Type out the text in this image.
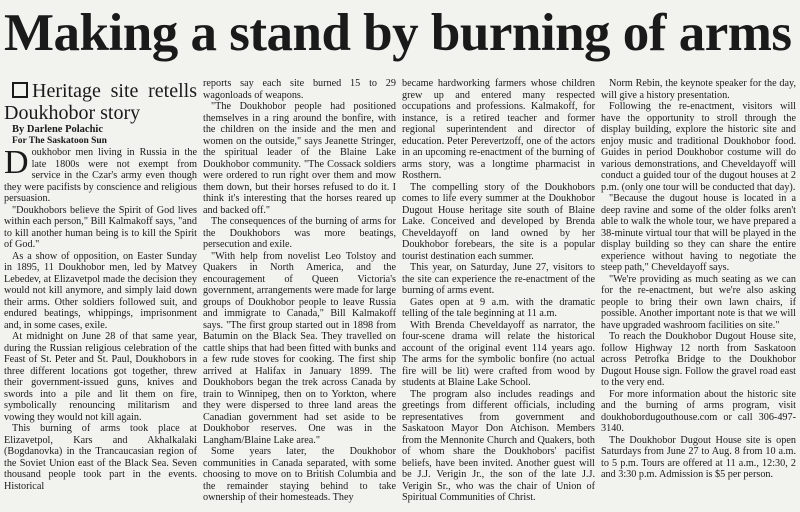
Making a stand by burning of arms

Heritage site retells Doukhobor story

By Darlene Polachic

For The Saskatoon Sun

Doukhobor men living in Russia in the late 1800s were not exempt from service in the Czar's army even though they were pacifists by conscience and religious persuasion.

"Doukhobors believe the Spirit of God lives within each person," Bill Kalmakoff says, "and to kill another human being is to kill the Spirit of God."

As a show of opposition, on Easter Sunday in 1895, 11 Doukhobor men, led by Matvey Lebedev, at Elizavetpol made the decision they would not kill anymore, and simply laid down their arms. Other soldiers followed suit, and endured beatings, whippings, imprisonment and, in some cases, exile.

At midnight on June 28 of that same year, during the Russian religious celebration of the Feast of St. Peter and St. Paul, Doukhobors in three different locations got together, threw their government-issued guns, knives and swords into a pile and lit them on fire, symbolically renouncing militarism and vowing they would not kill again.

This burning of arms took place at Elizavetpol, Kars and Akhalkalaki (Bogdanovka) in the Trancaucasian region of the Soviet Union east of the Black Sea. Seven thousand people took part in the events. Historical

reports say each site burned 15 to 29 wagonloads of weapons.

"The Doukhobor people had positioned themselves in a ring around the bonfire, with the children on the inside and the men and women on the outside," says Jeanette Stringer, the spiritual leader of the Blaine Lake Doukhobor community. "The Cossack soldiers were ordered to run right over them and mow them down, but their horses refused to do it. I think it's interesting that the horses reared up and backed off."

The consequences of the burning of arms for the Doukhobors was more beatings, persecution and exile.

"With help from novelist Leo Tolstoy and Quakers in North America, and the encouragement of Queen Victoria's government, arrangements were made for large groups of Doukhobor people to leave Russia and immigrate to Canada," Bill Kalmakoff says. "The first group started out in 1898 from Batumin on the Black Sea. They travelled on cattle ships that had been fitted with bunks and a few rude stoves for cooking. The first ship arrived at Halifax in January 1899. The Doukhobors began the trek across Canada by train to Winnipeg, then on to Yorkton, where they were dispersed to three land areas the Canadian government had set aside to be Doukhobor reserves. One was in the Langham/Blaine Lake area."

Some years later, the Doukhobor communities in Canada separated, with some choosing to move on to British Columbia and the remainder staying behind to take ownership of their homesteads. They

became hardworking farmers whose children grew up and entered many respected occupations and professions. Kalmakoff, for instance, is a retired teacher and former regional superintendent and director of education. Peter Perevertzoff, one of the actors in an upcoming re-enactment of the burning of arms story, was a longtime pharmacist in Rosthern.

The compelling story of the Doukhobors comes to life every summer at the Doukhobor Dugout House heritage site south of Blaine Lake. Conceived and developed by Brenda Cheveldayoff on land owned by her Doukhobor forebears, the site is a popular tourist destination each summer.

This year, on Saturday, June 27, visitors to the site can experience the re-enactment of the burning of arms event.

Gates open at 9 a.m. with the dramatic telling of the tale beginning at 11 a.m.

With Brenda Cheveldayoff as narrator, the four-scene drama will relate the historical account of the original event 114 years ago. The arms for the symbolic bonfire (no actual fire will be lit) were crafted from wood by students at Blaine Lake School.

The program also includes readings and greetings from different officials, including representatives from government and Saskatoon Mayor Don Atchison. Members from the Mennonite Church and Quakers, both of whom share the Doukhobors' pacifist beliefs, have been invited. Another guest will be J.J. Verigin Jr., the son of the late J.J. Verigin Sr., who was the chair of Union of Spiritual Communities of Christ.

Norm Rebin, the keynote speaker for the day, will give a history presentation.

Following the re-enactment, visitors will have the opportunity to stroll through the display building, explore the historic site and enjoy music and traditional Doukhobor food. Guides in period Doukhobor costume will do various demonstrations, and Cheveldayoff will conduct a guided tour of the dugout houses at 2 p.m. (only one tour will be conducted that day).

"Because the dugout house is located in a deep ravine and some of the older folks aren't able to walk the whole tour, we have prepared a 38-minute virtual tour that will be played in the display building so they can share the entire experience without having to negotiate the steep path," Cheveldayoff says.

"We're providing as much seating as we can for the re-enactment, but we're also asking people to bring their own lawn chairs, if possible. Another important note is that we will have upgraded washroom facilities on site."

To reach the Doukhobor Dugout House site, follow Highway 12 north from Saskatoon across Petrofka Bridge to the Doukhobor Dugout House sign. Follow the gravel road east to the very end.

For more information about the historic site and the burning of arms program, visit doukhobordugouthouse.com or call 306-497-3140.

The Doukhobor Dugout House site is open Saturdays from June 27 to Aug. 8 from 10 a.m. to 5 p.m. Tours are offered at 11 a.m., 12:30, 2 and 3:30 p.m. Admission is $5 per person.
